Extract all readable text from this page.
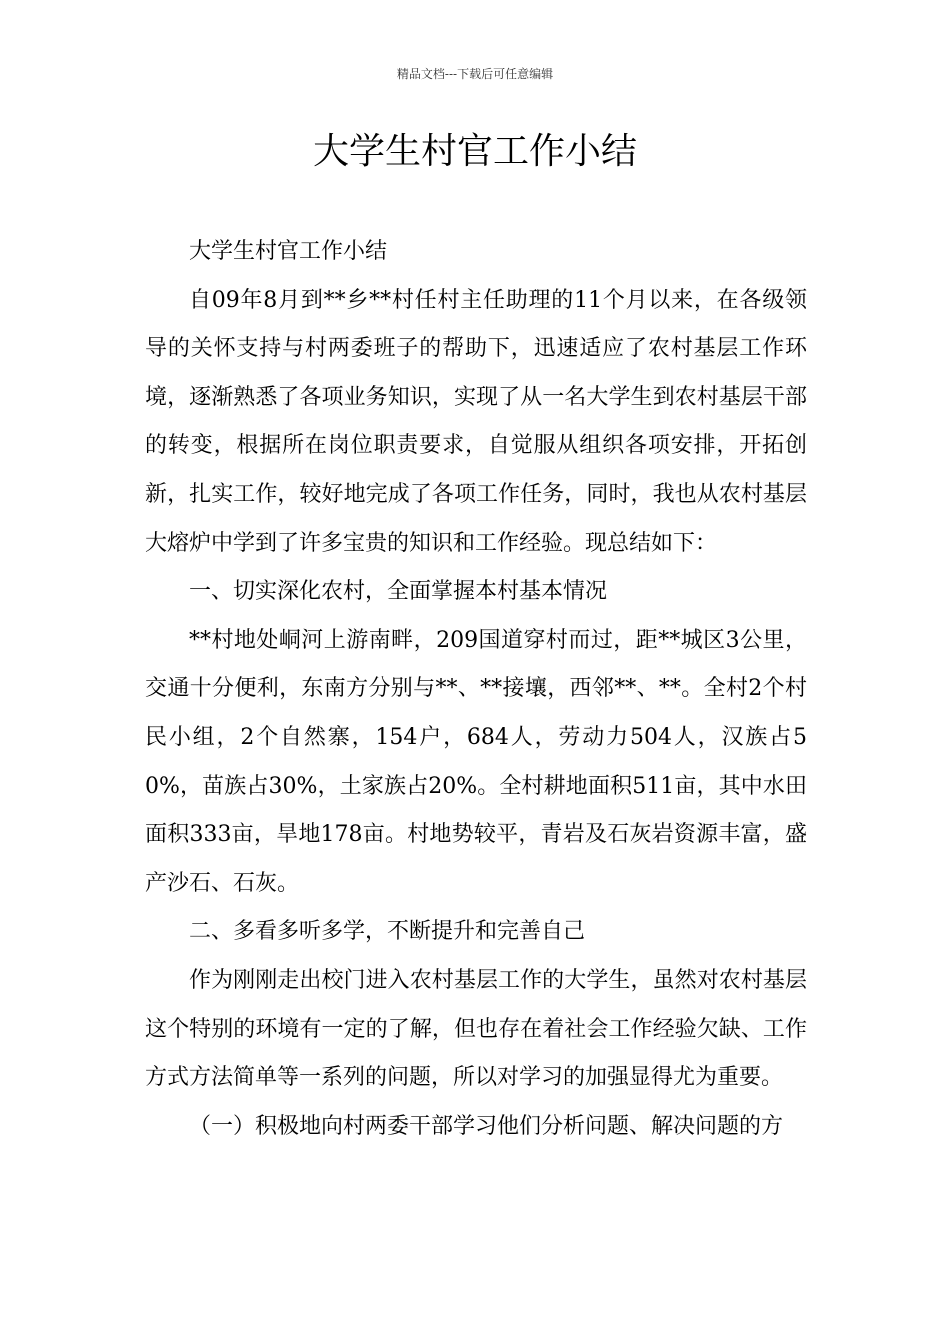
精品文档---下载后可任意编辑
大学生村官工作小结

大学生村官工作小结

自09年8月到**乡**村任村主任助理的11个月以来，在各级领导的关怀支持与村两委班子的帮助下，迅速适应了农村基层工作环境，逐渐熟悉了各项业务知识，实现了从一名大学生到农村基层干部的转变，根据所在岗位职责要求，自觉服从组织各项安排，开拓创新，扎实工作，较好地完成了各项工作任务，同时，我也从农村基层大熔炉中学到了许多宝贵的知识和工作经验。现总结如下：

一、切实深化农村，全面掌握本村基本情况

**村地处峒河上游南畔，209国道穿村而过，距**城区3公里，交通十分便利，东南方分别与**、**接壤，西邻**、**。全村2个村民小组，2个自然寨，154户，684人，劳动力504人，汉族占50%，苗族占30%，土家族占20%。全村耕地面积511亩，其中水田面积333亩，旱地178亩。村地势较平，青岩及石灰岩资源丰富，盛产沙石、石灰。

二、多看多听多学，不断提升和完善自己

作为刚刚走出校门进入农村基层工作的大学生，虽然对农村基层这个特别的环境有一定的了解，但也存在着社会工作经验欠缺、工作方式方法简单等一系列的问题，所以对学习的加强显得尤为重要。

（一）积极地向村两委干部学习他们分析问题、解决问题的方
